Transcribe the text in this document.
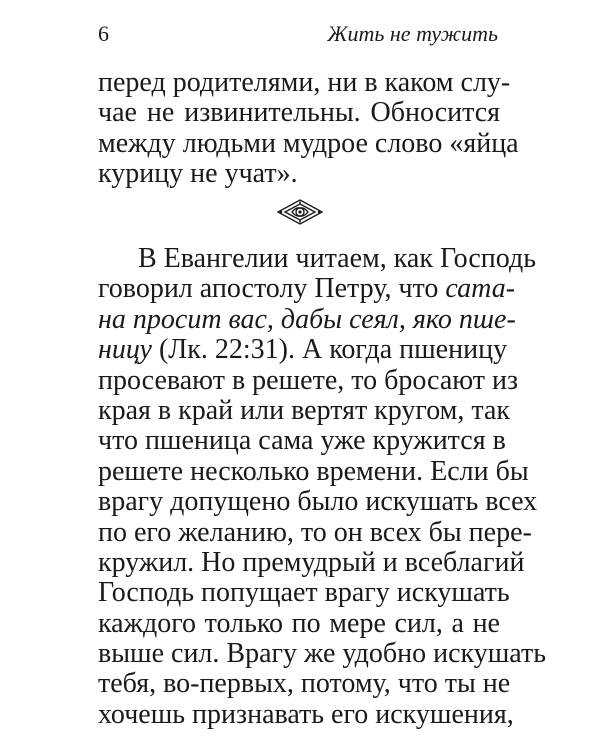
6	Жить не тужить
перед родителями, ни в каком слу-
чае не извинительны. Обносится
между людьми мудрое слово «яйца
курицу не учат».
В Евангелии читаем, как Господь
говорил апостолу Петру, что сата-
на просит вас, дабы сеял, яко пше-
ницу (Лк. 22:31). А когда пшеницу
просевают в решете, то бросают из
края в край или вертят кругом, так
что пшеница сама уже кружится в
решете несколько времени. Если бы
врагу допущено было искушать всех
по его желанию, то он всех бы пере-
кружил. Но премудрый и всеблагий
Господь попущает врагу искушать
каждого только по мере сил, а не
выше сил. Врагу же удобно искушать
тебя, во-первых, потому, что ты не
хочешь признавать его искушения,
